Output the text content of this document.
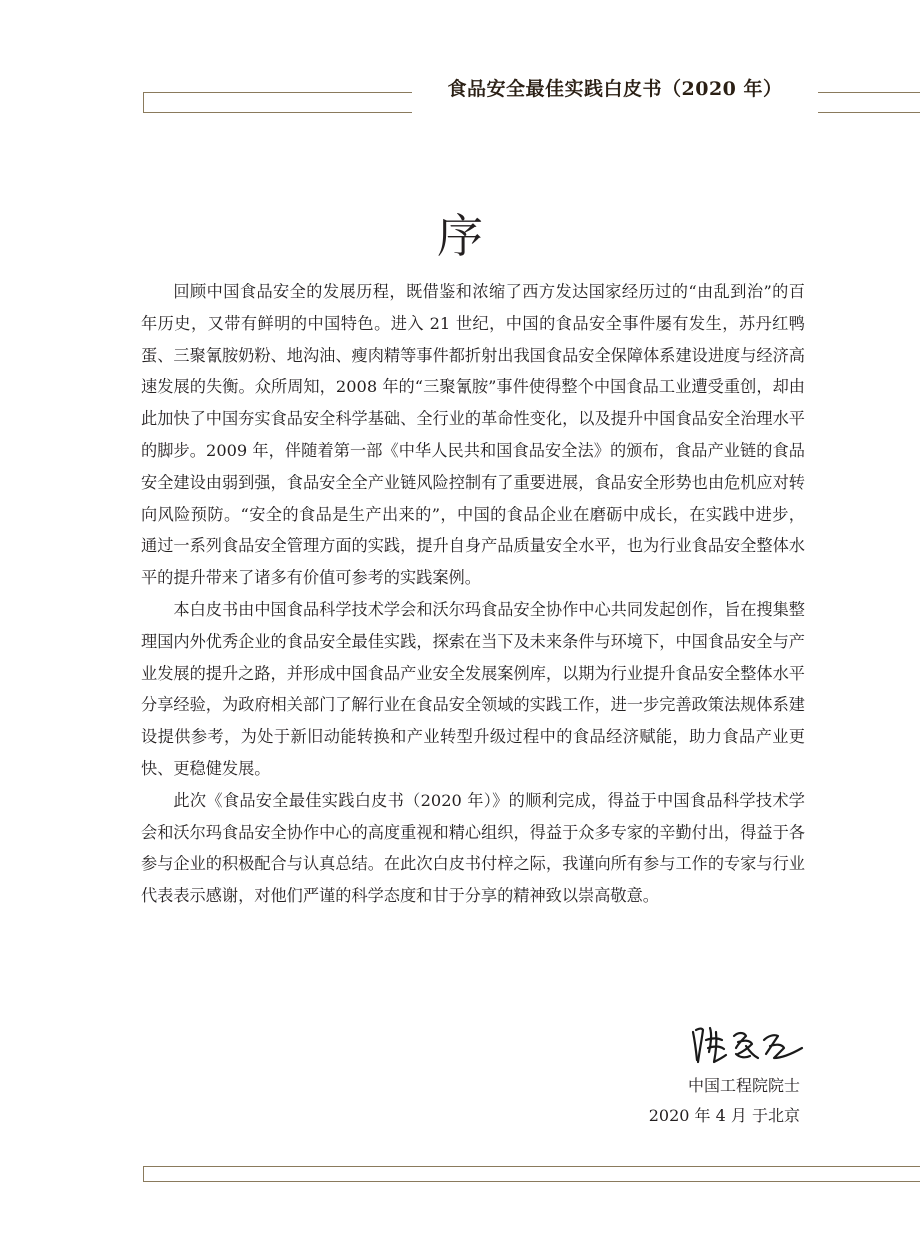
食品安全最佳实践白皮书（2020 年）
序

回顾中国食品安全的发展历程，既借鉴和浓缩了西方发达国家经历过的“由乱到治”的百年历史，又带有鲜明的中国特色。进入 21 世纪，中国的食品安全事件屡有发生，苏丹红鸭蛋、三聚氰胺奶粉、地沟油、瘦肉精等事件都折射出我国食品安全保障体系建设进度与经济高速发展的失衡。众所周知，2008 年的“三聚氰胺”事件使得整个中国食品工业遭受重创，却由此加快了中国夯实食品安全科学基础、全行业的革命性变化，以及提升中国食品安全治理水平的脚步。2009 年，伴随着第一部《中华人民共和国食品安全法》的颁布，食品产业链的食品安全建设由弱到强，食品安全全产业链风险控制有了重要进展，食品安全形势也由危机应对转向风险预防。“安全的食品是生产出来的”，中国的食品企业在磨砺中成长，在实践中进步，通过一系列食品安全管理方面的实践，提升自身产品质量安全水平，也为行业食品安全整体水平的提升带来了诸多有价值可参考的实践案例。

本白皮书由中国食品科学技术学会和沃尔玛食品安全协作中心共同发起创作，旨在搜集整理国内外优秀企业的食品安全最佳实践，探索在当下及未来条件与环境下，中国食品安全与产业发展的提升之路，并形成中国食品产业安全发展案例库，以期为行业提升食品安全整体水平分享经验，为政府相关部门了解行业在食品安全领域的实践工作，进一步完善政策法规体系建设提供参考，为处于新旧动能转换和产业转型升级过程中的食品经济赋能，助力食品产业更快、更稳健发展。

此次《食品安全最佳实践白皮书（2020 年）》的顺利完成，得益于中国食品科学技术学会和沃尔玛食品安全协作中心的高度重视和精心组织，得益于众多专家的辛勤付出，得益于各参与企业的积极配合与认真总结。在此次白皮书付梓之际，我谨向所有参与工作的专家与行业代表表示感谢，对他们严谨的科学态度和甘于分享的精神致以崇高敬意。

中国工程院院士
2020 年 4 月 于北京
